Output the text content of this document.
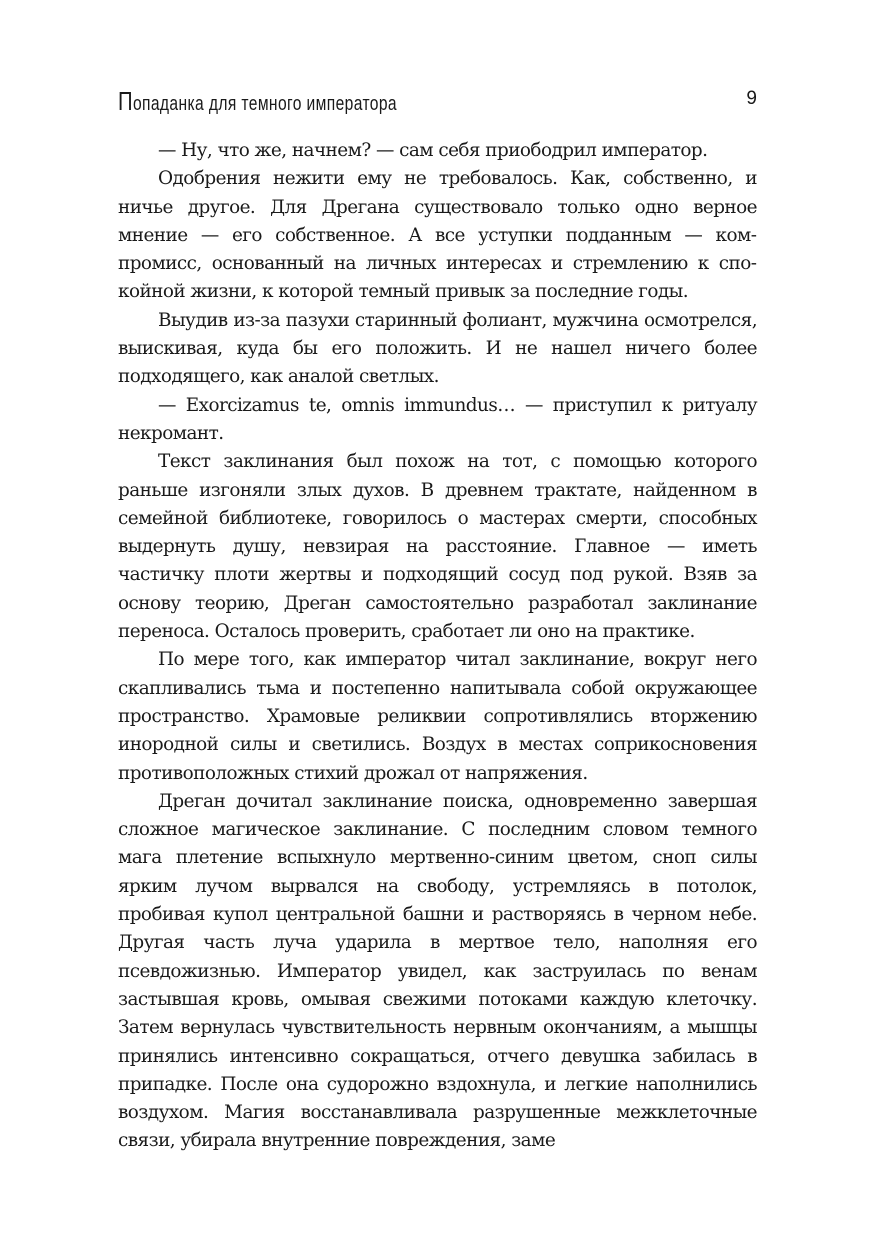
Попаданка для темного императора	9

— Ну, что же, начнем? — сам себя приободрил император.

Одобрения нежити ему не требовалось. Как, собственно, и ничье другое. Для Дрегана существовало только одно верное мнение — его собственное. А все уступки подданным — компромисс, основанный на личных интересах и стремлению к спокойной жизни, к которой темный привык за последние годы.

Выудив из-за пазухи старинный фолиант, мужчина осмотрелся, выискивая, куда бы его положить. И не нашел ничего более подходящего, как аналой светлых.

— Exorcizamus te, omnis immundus… — приступил к ритуалу некромант.

Текст заклинания был похож на тот, с помощью которого раньше изгоняли злых духов. В древнем трактате, найденном в семейной библиотеке, говорилось о мастерах смерти, способных выдернуть душу, невзирая на расстояние. Главное — иметь частичку плоти жертвы и подходящий сосуд под рукой. Взяв за основу теорию, Дреган самостоятельно разработал заклинание переноса. Осталось проверить, сработает ли оно на практике.

По мере того, как император читал заклинание, вокруг него скапливались тьма и постепенно напитывала собой окружающее пространство. Храмовые реликвии сопротивлялись вторжению инородной силы и светились. Воздух в местах соприкосновения противоположных стихий дрожал от напряжения.

Дреган дочитал заклинание поиска, одновременно завершая сложное магическое заклинание. С последним словом темного мага плетение вспыхнуло мертвенно-синим цветом, сноп силы ярким лучом вырвался на свободу, устремляясь в потолок, пробивая купол центральной башни и растворяясь в черном небе. Другая часть луча ударила в мертвое тело, наполняя его псевдожизнью. Император увидел, как заструилась по венам застывшая кровь, омывая свежими потоками каждую клеточку. Затем вернулась чувствительность нервным окончаниям, а мышцы принялись интенсивно сокращаться, отчего девушка забилась в припадке. После она судорожно вздохнула, и легкие наполнились воздухом. Магия восстанавливала разрушенные межклеточные связи, убирала внутренние повреждения, заме
